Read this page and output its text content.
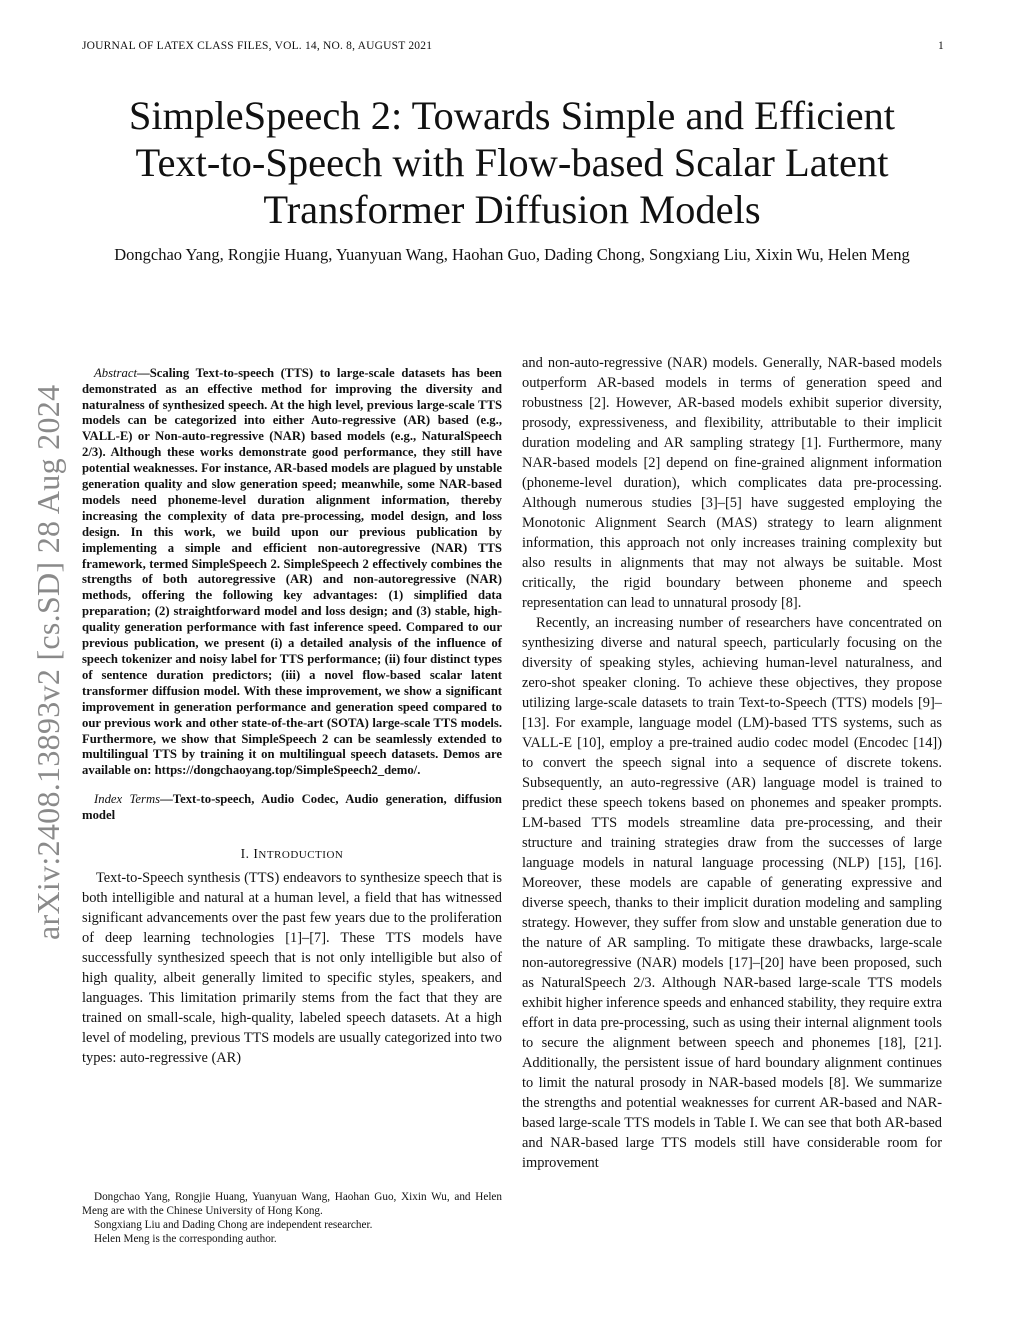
JOURNAL OF LATEX CLASS FILES, VOL. 14, NO. 8, AUGUST 2021	1
SimpleSpeech 2: Towards Simple and Efficient Text-to-Speech with Flow-based Scalar Latent Transformer Diffusion Models
Dongchao Yang, Rongjie Huang, Yuanyuan Wang, Haohan Guo, Dading Chong, Songxiang Liu, Xixin Wu, Helen Meng
arXiv:2408.13893v2 [cs.SD] 28 Aug 2024

Abstract—Scaling Text-to-speech (TTS) to large-scale datasets has been demonstrated as an effective method for improving the diversity and naturalness of synthesized speech. At the high level, previous large-scale TTS models can be categorized into either Auto-regressive (AR) based (e.g., VALL-E) or Non-auto-regressive (NAR) based models (e.g., NaturalSpeech 2/3). Although these works demonstrate good performance, they still have potential weaknesses. For instance, AR-based models are plagued by unstable generation quality and slow generation speed; meanwhile, some NAR-based models need phoneme-level duration alignment information, thereby increasing the complexity of data pre-processing, model design, and loss design. In this work, we build upon our previous publication by implementing a simple and efficient non-autoregressive (NAR) TTS framework, termed SimpleSpeech 2. SimpleSpeech 2 effectively combines the strengths of both autoregressive (AR) and non-autoregressive (NAR) methods, offering the following key advantages: (1) simplified data preparation; (2) straightforward model and loss design; and (3) stable, high-quality generation performance with fast inference speed. Compared to our previous publication, we present (i) a detailed analysis of the influence of speech tokenizer and noisy label for TTS performance; (ii) four distinct types of sentence duration predictors; (iii) a novel flow-based scalar latent transformer diffusion model. With these improvement, we show a significant improvement in generation performance and generation speed compared to our previous work and other state-of-the-art (SOTA) large-scale TTS models. Furthermore, we show that SimpleSpeech 2 can be seamlessly extended to multilingual TTS by training it on multilingual speech datasets. Demos are available on: https://dongchaoyang.top/SimpleSpeech2_demo/.

Index Terms—Text-to-speech, Audio Codec, Audio generation, diffusion model

I. INTRODUCTION

Text-to-Speech synthesis (TTS) endeavors to synthesize speech that is both intelligible and natural at a human level, a field that has witnessed significant advancements over the past few years due to the proliferation of deep learning technologies [1]–[7]. These TTS models have successfully synthesized speech that is not only intelligible but also of high quality, albeit generally limited to specific styles, speakers, and languages. This limitation primarily stems from the fact that they are trained on small-scale, high-quality, labeled speech datasets. At a high level of modeling, previous TTS models are usually categorized into two types: auto-regressive (AR)

and non-auto-regressive (NAR) models. Generally, NAR-based models outperform AR-based models in terms of generation speed and robustness [2]. However, AR-based models exhibit superior diversity, prosody, expressiveness, and flexibility, attributable to their implicit duration modeling and AR sampling strategy [1]. Furthermore, many NAR-based models [2] depend on fine-grained alignment information (phoneme-level duration), which complicates data pre-processing. Although numerous studies [3]–[5] have suggested employing the Monotonic Alignment Search (MAS) strategy to learn alignment information, this approach not only increases training complexity but also results in alignments that may not always be suitable. Most critically, the rigid boundary between phoneme and speech representation can lead to unnatural prosody [8].

Recently, an increasing number of researchers have concentrated on synthesizing diverse and natural speech, particularly focusing on the diversity of speaking styles, achieving human-level naturalness, and zero-shot speaker cloning. To achieve these objectives, they propose utilizing large-scale datasets to train Text-to-Speech (TTS) models [9]–[13]. For example, language model (LM)-based TTS systems, such as VALL-E [10], employ a pre-trained audio codec model (Encodec [14]) to convert the speech signal into a sequence of discrete tokens. Subsequently, an auto-regressive (AR) language model is trained to predict these speech tokens based on phonemes and speaker prompts. LM-based TTS models streamline data pre-processing, and their structure and training strategies draw from the successes of large language models in natural language processing (NLP) [15], [16]. Moreover, these models are capable of generating expressive and diverse speech, thanks to their implicit duration modeling and sampling strategy. However, they suffer from slow and unstable generation due to the nature of AR sampling. To mitigate these drawbacks, large-scale non-autoregressive (NAR) models [17]–[20] have been proposed, such as NaturalSpeech 2/3. Although NAR-based large-scale TTS models exhibit higher inference speeds and enhanced stability, they require extra effort in data pre-processing, such as using their internal alignment tools to secure the alignment between speech and phonemes [18], [21]. Additionally, the persistent issue of hard boundary alignment continues to limit the natural prosody in NAR-based models [8]. We summarize the strengths and potential weaknesses for current AR-based and NAR-based large-scale TTS models in Table I. We can see that both AR-based and NAR-based large TTS models still have considerable room for improvement

Dongchao Yang, Rongjie Huang, Yuanyuan Wang, Haohan Guo, Xixin Wu, and Helen Meng are with the Chinese University of Hong Kong.

Songxiang Liu and Dading Chong are independent researcher.

Helen Meng is the corresponding author.
